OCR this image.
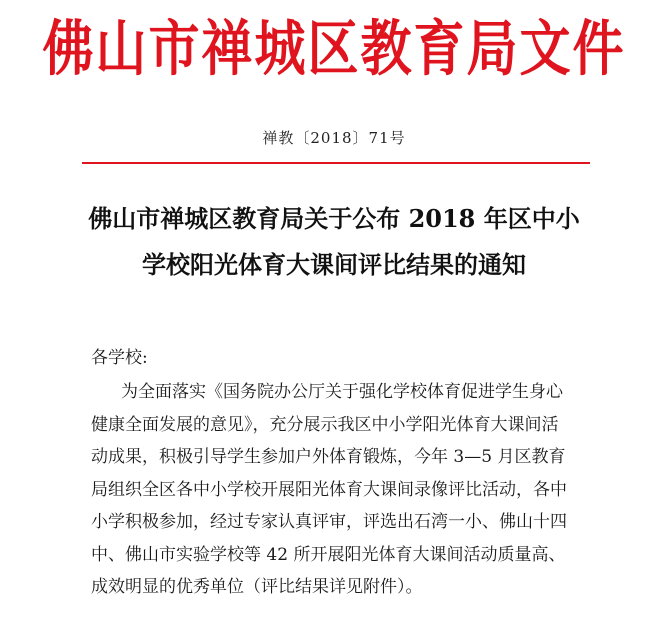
佛山市禅城区教育局文件
禅教〔2018〕71号
佛山市禅城区教育局关于公布 2018 年区中小
学校阳光体育大课间评比结果的通知
各学校:
为全面落实《国务院办公厅关于强化学校体育促进学生身心
健康全面发展的意见》，充分展示我区中小学阳光体育大课间活
动成果，积极引导学生参加户外体育锻炼，今年 3—5 月区教育
局组织全区各中小学校开展阳光体育大课间录像评比活动，各中
小学积极参加，经过专家认真评审，评选出石湾一小、佛山十四
中、佛山市实验学校等 42 所开展阳光体育大课间活动质量高、
成效明显的优秀单位（评比结果详见附件）。
